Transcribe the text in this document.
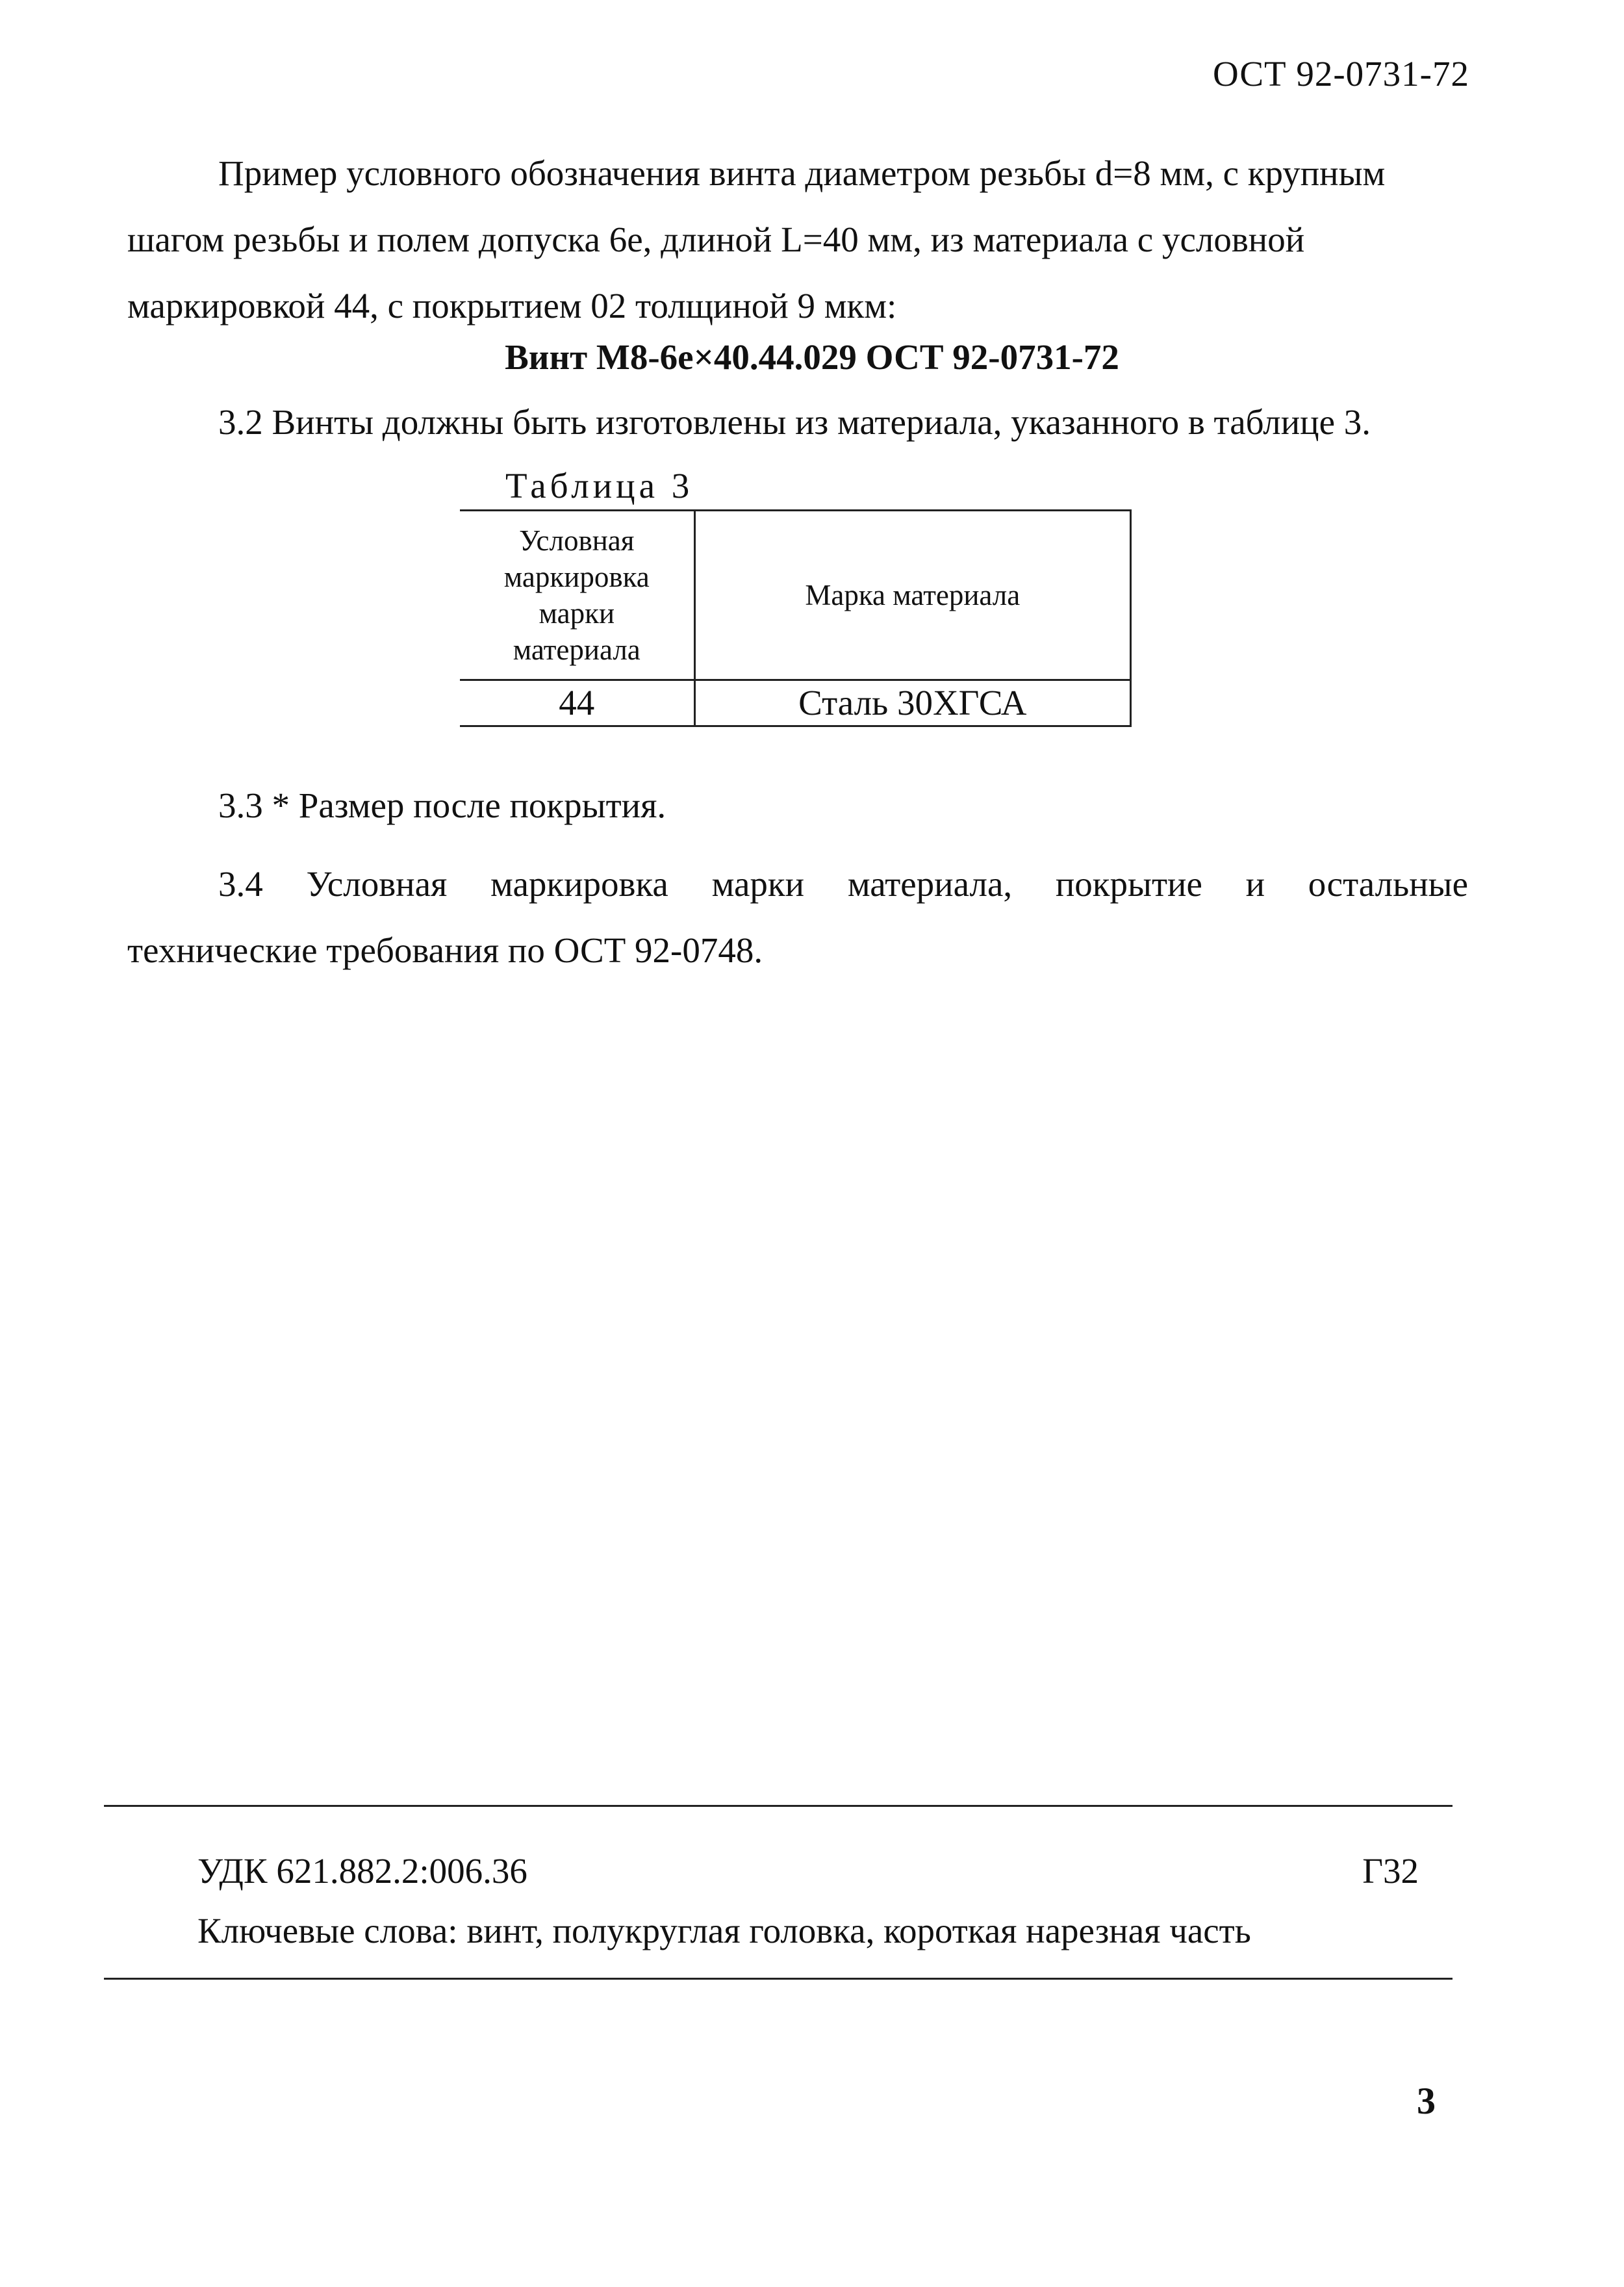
ОСТ 92-0731-72
Пример условного обозначения винта диаметром резьбы d=8 мм, с крупным
шагом резьбы и полем допуска 6e, длиной L=40 мм, из материала с условной
маркировкой 44, с покрытием 02 толщиной 9 мкм:
Винт М8-6е×40.44.029 ОСТ 92-0731-72
3.2 Винты должны быть изготовлены из материала, указанного в таблице 3.
Таблица 3
Условная
маркировка
марки
материала	Марка материала
44	Сталь 30ХГСА
3.3 * Размер после покрытия.
3.4 Условная маркировка марки материала, покрытие и остальные
технические требования по ОСТ 92-0748.
УДК 621.882.2:006.36	Г32
Ключевые слова: винт, полукруглая головка, короткая нарезная часть
3
